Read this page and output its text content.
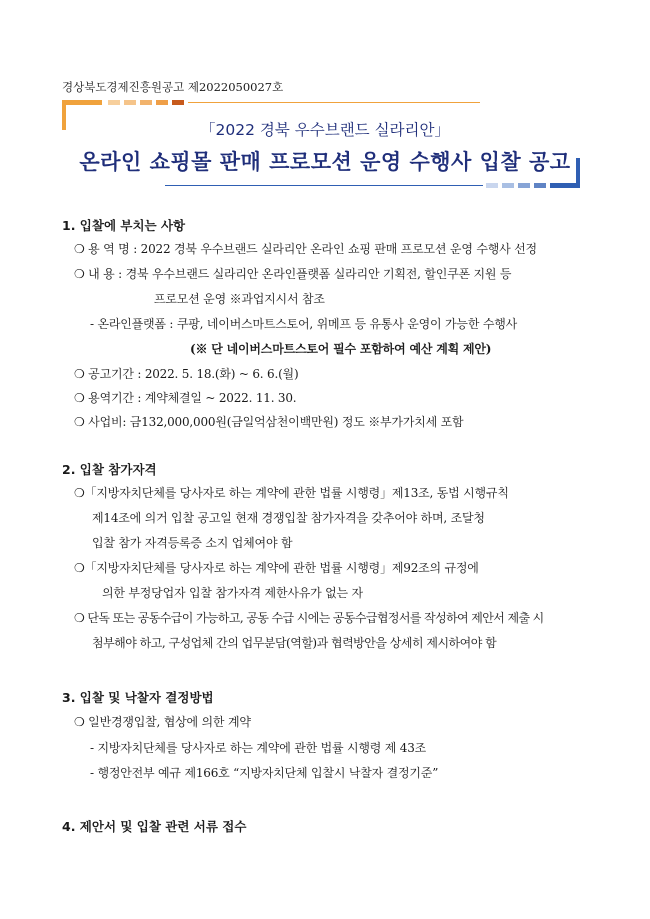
경상북도경제진흥원공고 제2022050027호
「2022 경북 우수브랜드 실라리안」
온라인 쇼핑몰 판매 프로모션 운영 수행사 입찰 공고
1. 입찰에 부치는 사항
❍ 용 역 명 : 2022 경북 우수브랜드 실라리안 온라인 쇼핑 판매 프로모션 운영 수행사 선정
❍ 내 용 : 경북 우수브랜드 실라리안 온라인플랫폼 실라리안 기획전, 할인쿠폰 지원 등
프로모션 운영 ※과업지시서 참조
- 온라인플랫폼 : 쿠팡, 네이버스마트스토어, 위메프 등 유통사 운영이 가능한 수행사
(※ 단 네이버스마트스토어 필수 포함하여 예산 계획 제안)
❍ 공고기간 : 2022. 5. 18.(화) ~ 6. 6.(월)
❍ 용역기간 : 계약체결일 ~ 2022. 11. 30.
❍ 사업비: 금132,000,000원(금일억삼천이백만원) 정도 ※부가가치세 포함
2. 입찰 참가자격
❍「지방자치단체를 당사자로 하는 계약에 관한 법률 시행령」제13조, 동법 시행규칙
제14조에 의거 입찰 공고일 현재 경쟁입찰 참가자격을 갖추어야 하며, 조달청
입찰 참가 자격등록증 소지 업체여야 함
❍「지방자치단체를 당사자로 하는 계약에 관한 법률 시행령」제92조의 규정에
의한 부정당업자 입찰 참가자격 제한사유가 없는 자
❍ 단독 또는 공동수급이 가능하고, 공동 수급 시에는 공동수급협정서를 작성하여 제안서 제출 시
첨부해야 하고, 구성업체 간의 업무분담(역할)과 협력방안을 상세히 제시하여야 함
3. 입찰 및 낙찰자 결정방법
❍ 일반경쟁입찰, 협상에 의한 계약
- 지방자치단체를 당사자로 하는 계약에 관한 법률 시행령 제 43조
- 행정안전부 예규 제166호 “지방자치단체 입찰시 낙찰자 결정기준”
4. 제안서 및 입찰 관련 서류 접수
